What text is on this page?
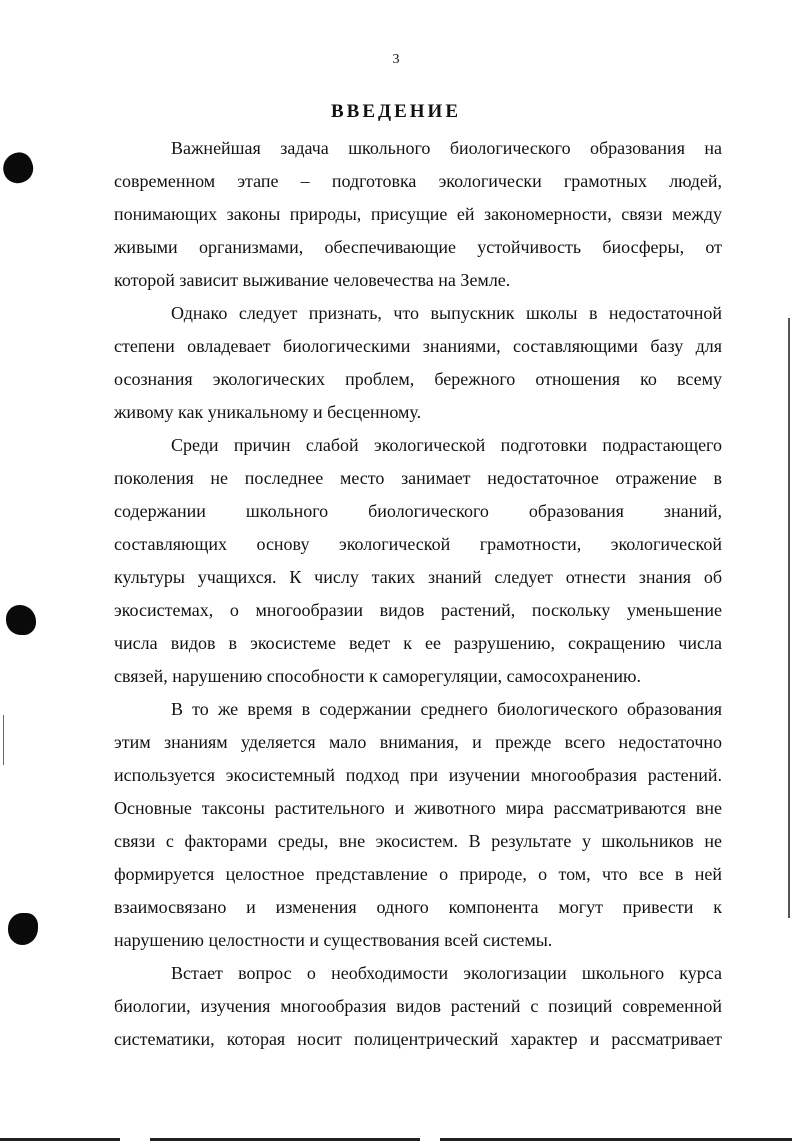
3
ВВЕДЕНИЕ
Важнейшая задача школьного биологического образования на
современном этапе – подготовка экологически грамотных людей,
понимающих законы природы, присущие ей закономерности, связи между
живыми организмами, обеспечивающие устойчивость биосферы, от
которой зависит выживание человечества на Земле.
Однако следует признать, что выпускник школы в недостаточной
степени овладевает биологическими знаниями, составляющими базу для
осознания экологических проблем, бережного отношения ко всему
живому как уникальному и бесценному.
Среди причин слабой экологической подготовки подрастающего
поколения не последнее место занимает недостаточное отражение в
содержании школьного биологического образования знаний,
составляющих основу экологической грамотности, экологической
культуры учащихся. К числу таких знаний следует отнести знания об
экосистемах, о многообразии видов растений, поскольку уменьшение
числа видов в экосистеме ведет к ее разрушению, сокращению числа
связей, нарушению способности к саморегуляции, самосохранению.
В то же время в содержании среднего биологического образования
этим знаниям уделяется мало внимания, и прежде всего недостаточно
используется экосистемный подход при изучении многообразия растений.
Основные таксоны растительного и животного мира рассматриваются вне
связи с факторами среды, вне экосистем. В результате у школьников не
формируется целостное представление о природе, о том, что все в ней
взаимосвязано и изменения одного компонента могут привести к
нарушению целостности и существования всей системы.
Встает вопрос о необходимости экологизации школьного курса
биологии, изучения многообразия видов растений с позиций современной
систематики, которая носит полицентрический характер и рассматривает
